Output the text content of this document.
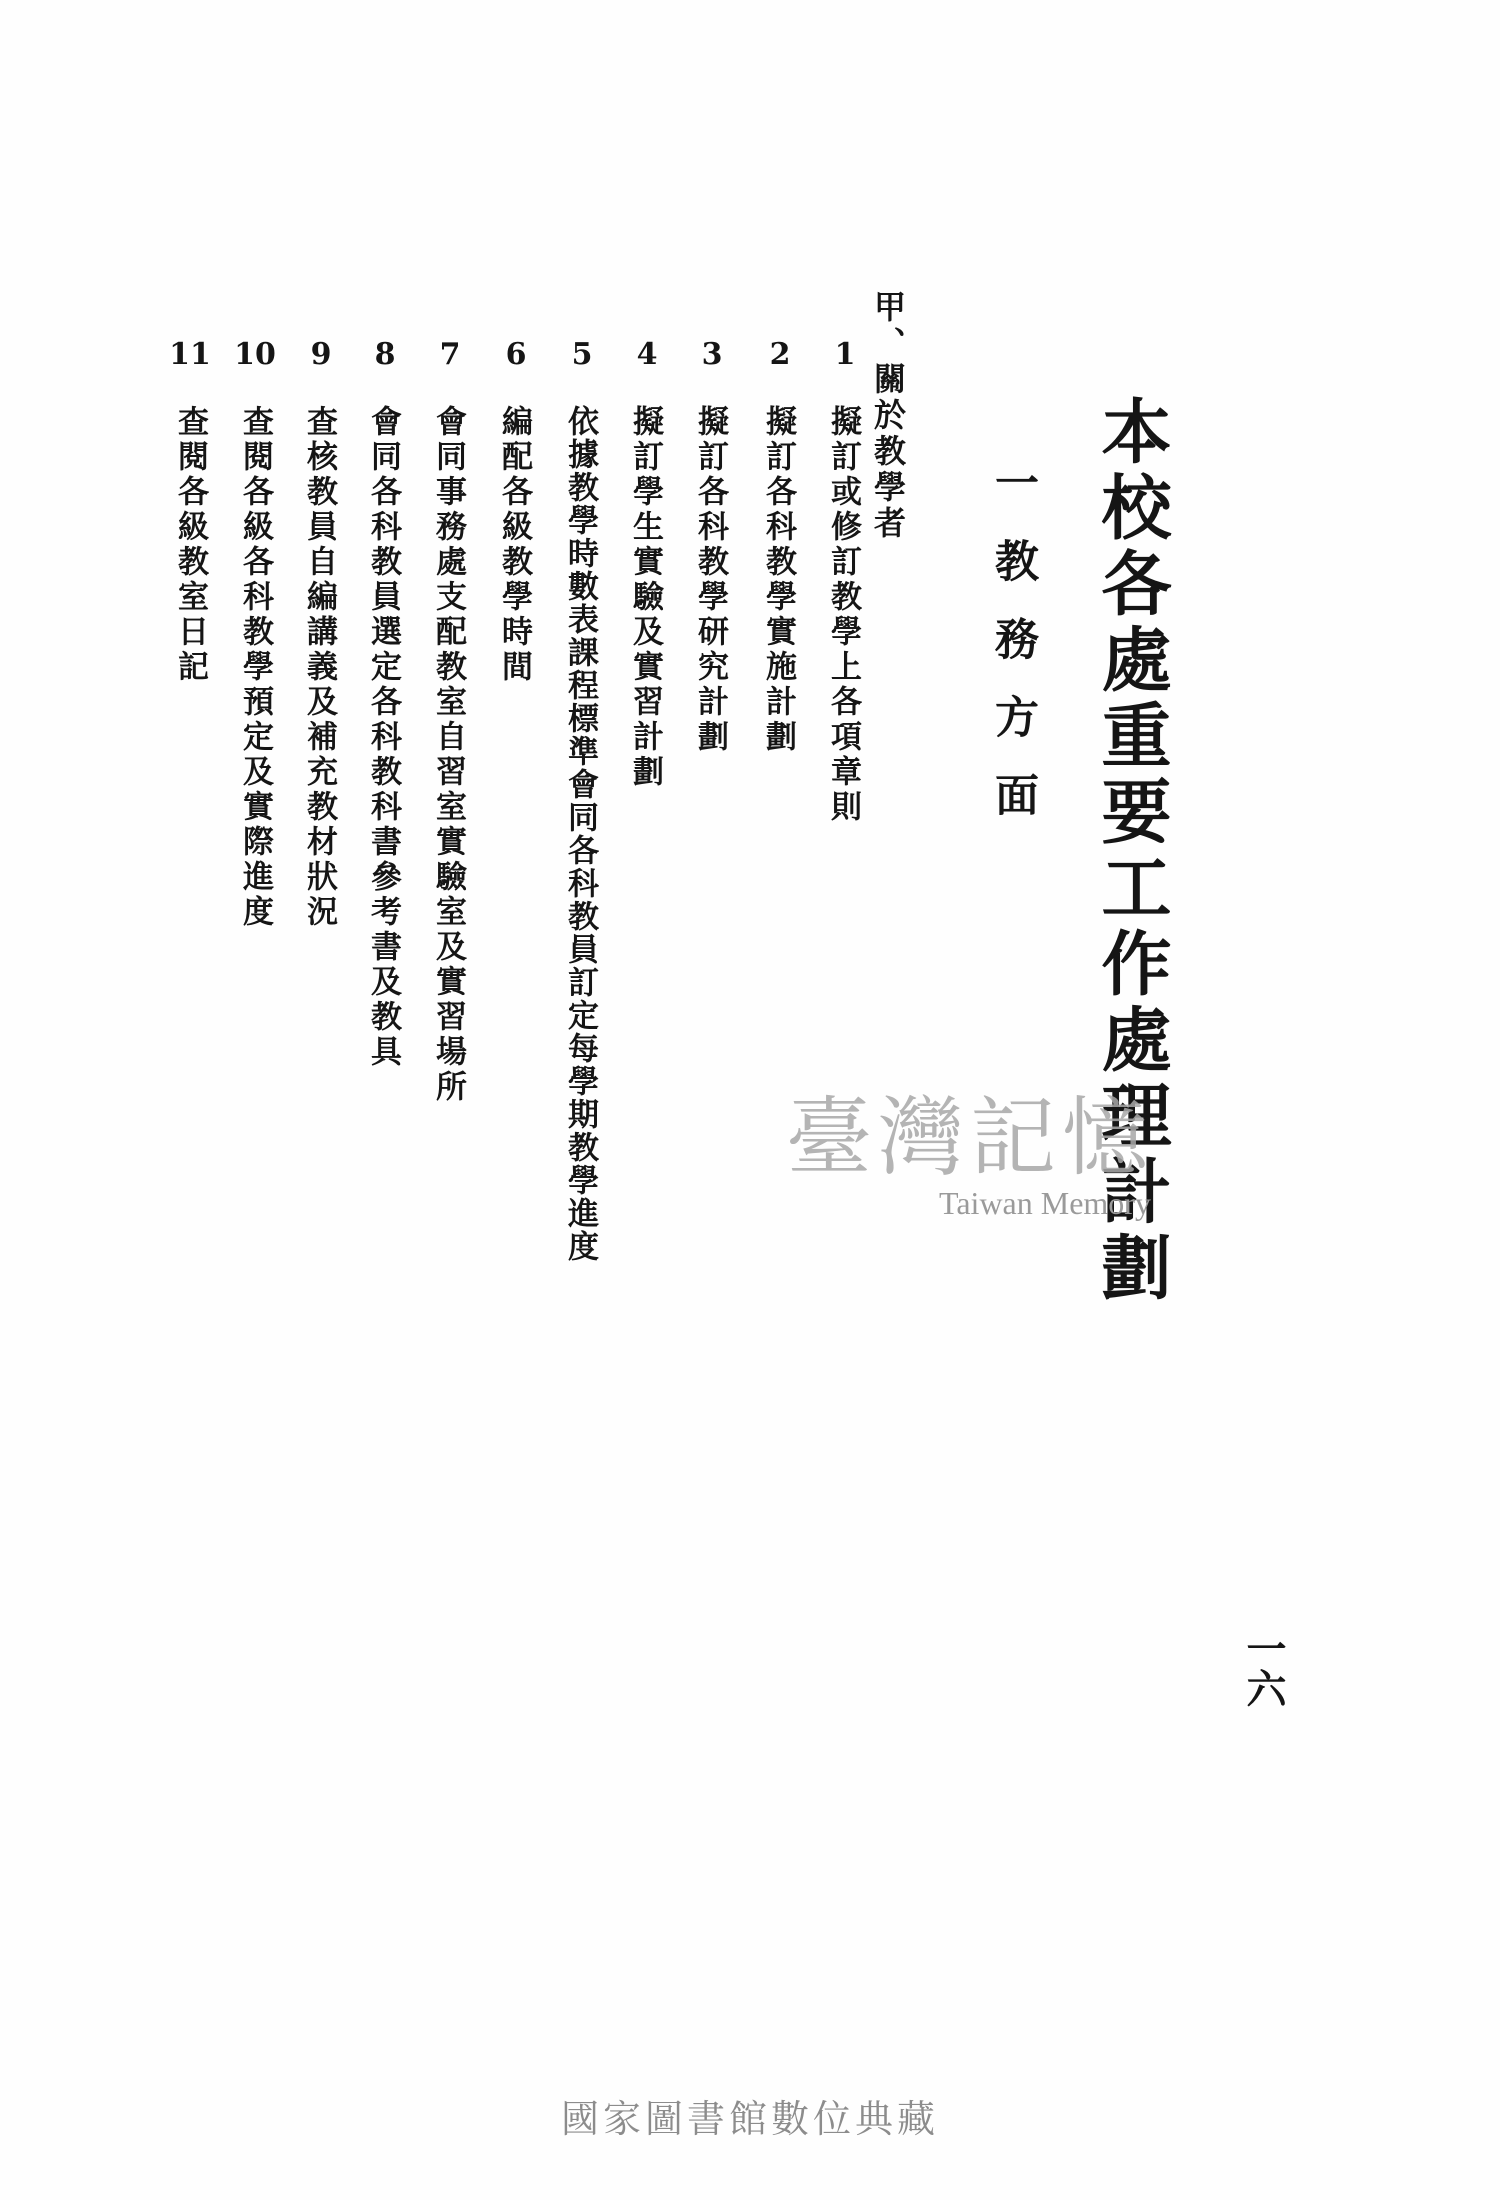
本校各處重要工作處理計劃
一教務方面
甲、關於教學者
1
擬訂或修訂教學上各項章則
2
擬訂各科教學實施計劃
3
擬訂各科教學研究計劃
4
擬訂學生實驗及實習計劃
5
依據教學時數表課程標準會同各科教員訂定每學期教學進度
6
編配各級教學時間
7
會同事務處支配教室自習室實驗室及實習場所
8
會同各科教員選定各科教科書參考書及教具
9
查核教員自編講義及補充教材狀況
10
查閱各級各科教學預定及實際進度
11
查閱各級教室日記
臺灣記憶
Taiwan Memory
一六
國家圖書館數位典藏
